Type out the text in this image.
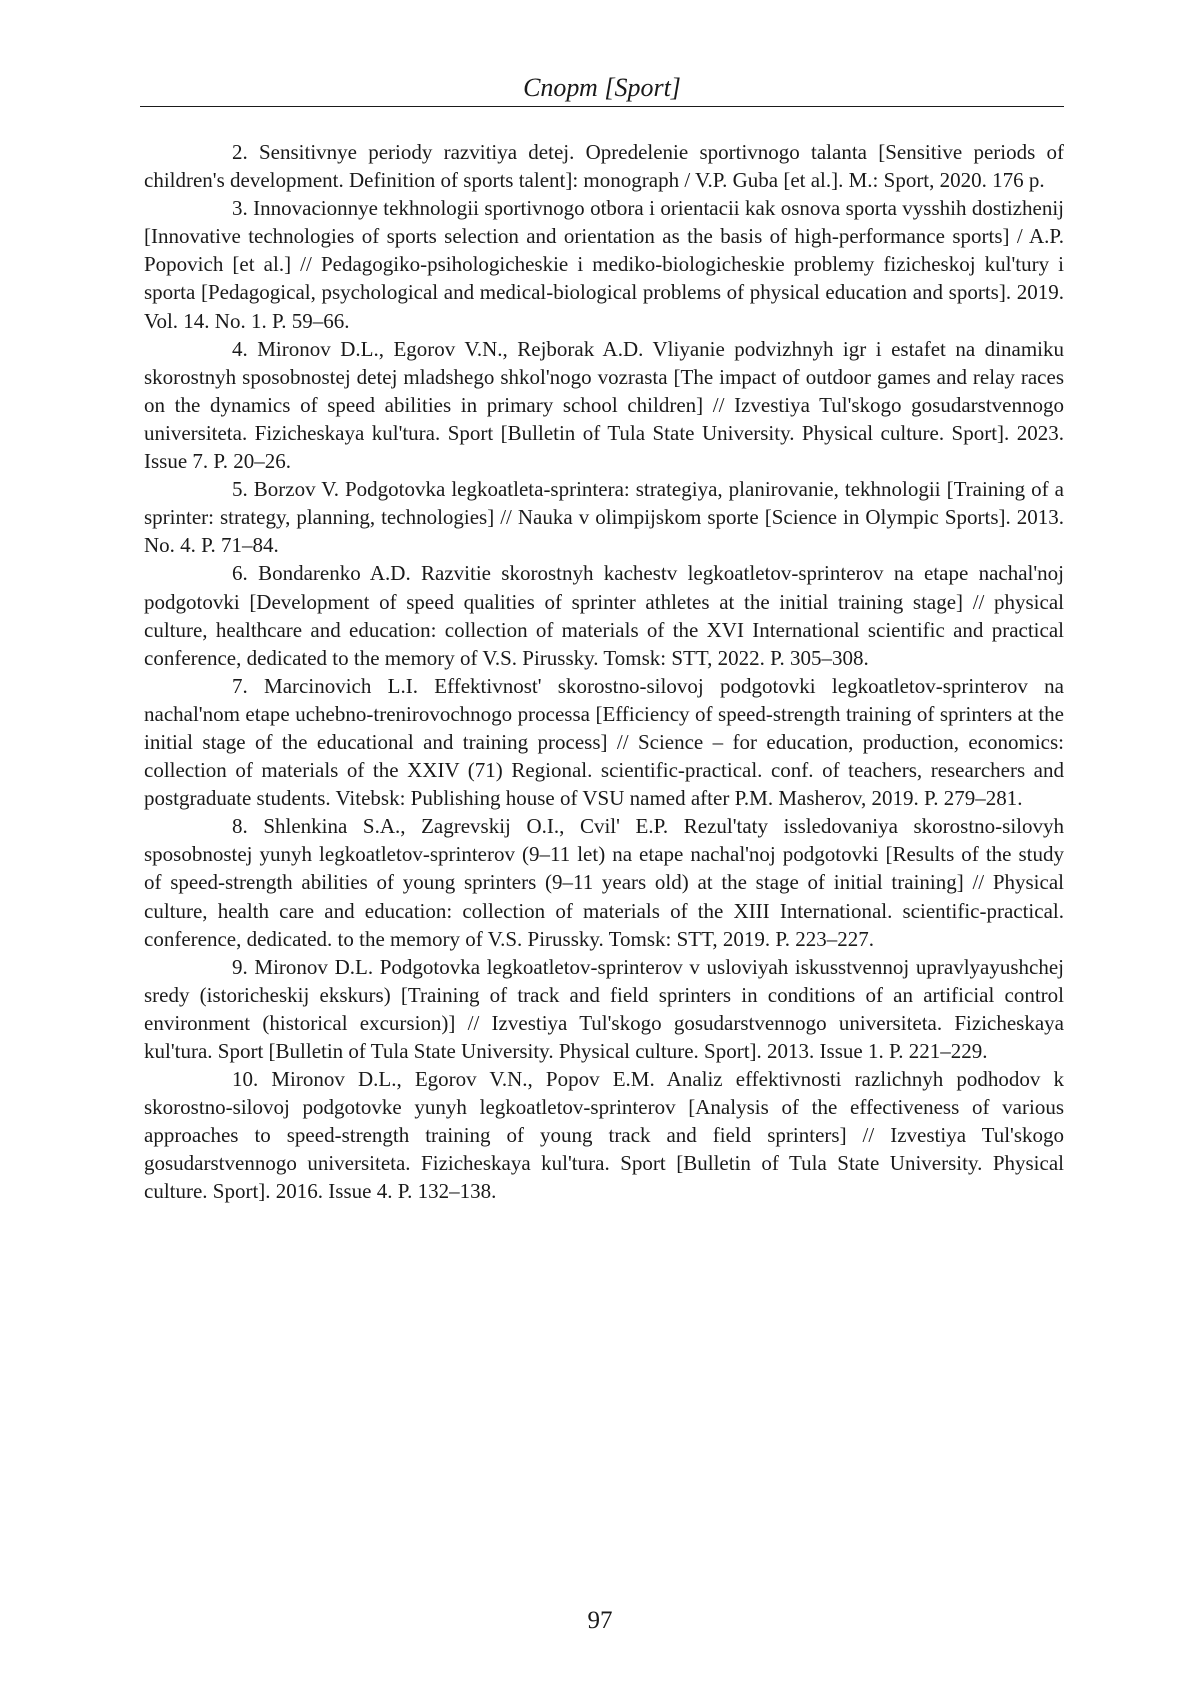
Спорт [Sport]
2. Sensitivnye periody razvitiya detej. Opredelenie sportivnogo talanta [Sensitive periods of children's development. Definition of sports talent]: monograph / V.P. Guba [et al.]. M.: Sport, 2020. 176 p.
3. Innovacionnye tekhnologii sportivnogo otbora i orientacii kak osnova sporta vysshih dostizhenij [Innovative technologies of sports selection and orientation as the basis of high-performance sports] / A.P. Popovich [et al.] // Pedagogiko-psihologicheskie i mediko-biologicheskie problemy fizicheskoj kul'tury i sporta [Pedagogical, psychological and medical-biological problems of physical education and sports]. 2019. Vol. 14. No. 1. P. 59–66.
4. Mironov D.L., Egorov V.N., Rejborak A.D. Vliyanie podvizhnyh igr i estafet na dinamiku skorostnyh sposobnostej detej mladshego shkol'nogo vozrasta [The impact of outdoor games and relay races on the dynamics of speed abilities in primary school children] // Izvestiya Tul'skogo gosudarstvennogo universiteta. Fizicheskaya kul'tura. Sport [Bulletin of Tula State University. Physical culture. Sport]. 2023. Issue 7. P. 20–26.
5. Borzov V. Podgotovka legkoatleta-sprintera: strategiya, planirovanie, tekhnologii [Training of a sprinter: strategy, planning, technologies] // Nauka v olimpijskom sporte [Science in Olympic Sports]. 2013. No. 4. P. 71–84.
6. Bondarenko A.D. Razvitie skorostnyh kachestv legkoatletov-sprinterov na etape nachal'noj podgotovki [Development of speed qualities of sprinter athletes at the initial training stage] // physical culture, healthcare and education: collection of materials of the XVI International scientific and practical conference, dedicated to the memory of V.S. Pirussky. Tomsk: STT, 2022. P. 305–308.
7. Marcinovich L.I. Effektivnost' skorostno-silovoj podgotovki legkoatletov-sprinterov na nachal'nom etape uchebno-trenirovochnogo processa [Efficiency of speed-strength training of sprinters at the initial stage of the educational and training process] // Science – for education, production, economics: collection of materials of the XXIV (71) Regional. scientific-practical. conf. of teachers, researchers and postgraduate students. Vitebsk: Publishing house of VSU named after P.M. Masherov, 2019. P. 279–281.
8. Shlenkina S.A., Zagrevskij O.I., Cvil' E.P. Rezul'taty issledovaniya skorostno-silovyh sposobnostej yunyh legkoatletov-sprinterov (9–11 let) na etape nachal'noj podgotovki [Results of the study of speed-strength abilities of young sprinters (9–11 years old) at the stage of initial training] // Physical culture, health care and education: collection of materials of the XIII International. scientific-practical. conference, dedicated. to the memory of V.S. Pirussky. Tomsk: STT, 2019. P. 223–227.
9. Mironov D.L. Podgotovka legkoatletov-sprinterov v usloviyah iskusstvennoj upravlyayushchej sredy (istoricheskij ekskurs) [Training of track and field sprinters in conditions of an artificial control environment (historical excursion)] // Izvestiya Tul'skogo gosudarstvennogo universiteta. Fizicheskaya kul'tura. Sport [Bulletin of Tula State University. Physical culture. Sport]. 2013. Issue 1. P. 221–229.
10. Mironov D.L., Egorov V.N., Popov E.M. Analiz effektivnosti razlichnyh podhodov k skorostno-silovoj podgotovke yunyh legkoatletov-sprinterov [Analysis of the effectiveness of various approaches to speed-strength training of young track and field sprinters] // Izvestiya Tul'skogo gosudarstvennogo universiteta. Fizicheskaya kul'tura. Sport [Bulletin of Tula State University. Physical culture. Sport]. 2016. Issue 4. P. 132–138.
97
